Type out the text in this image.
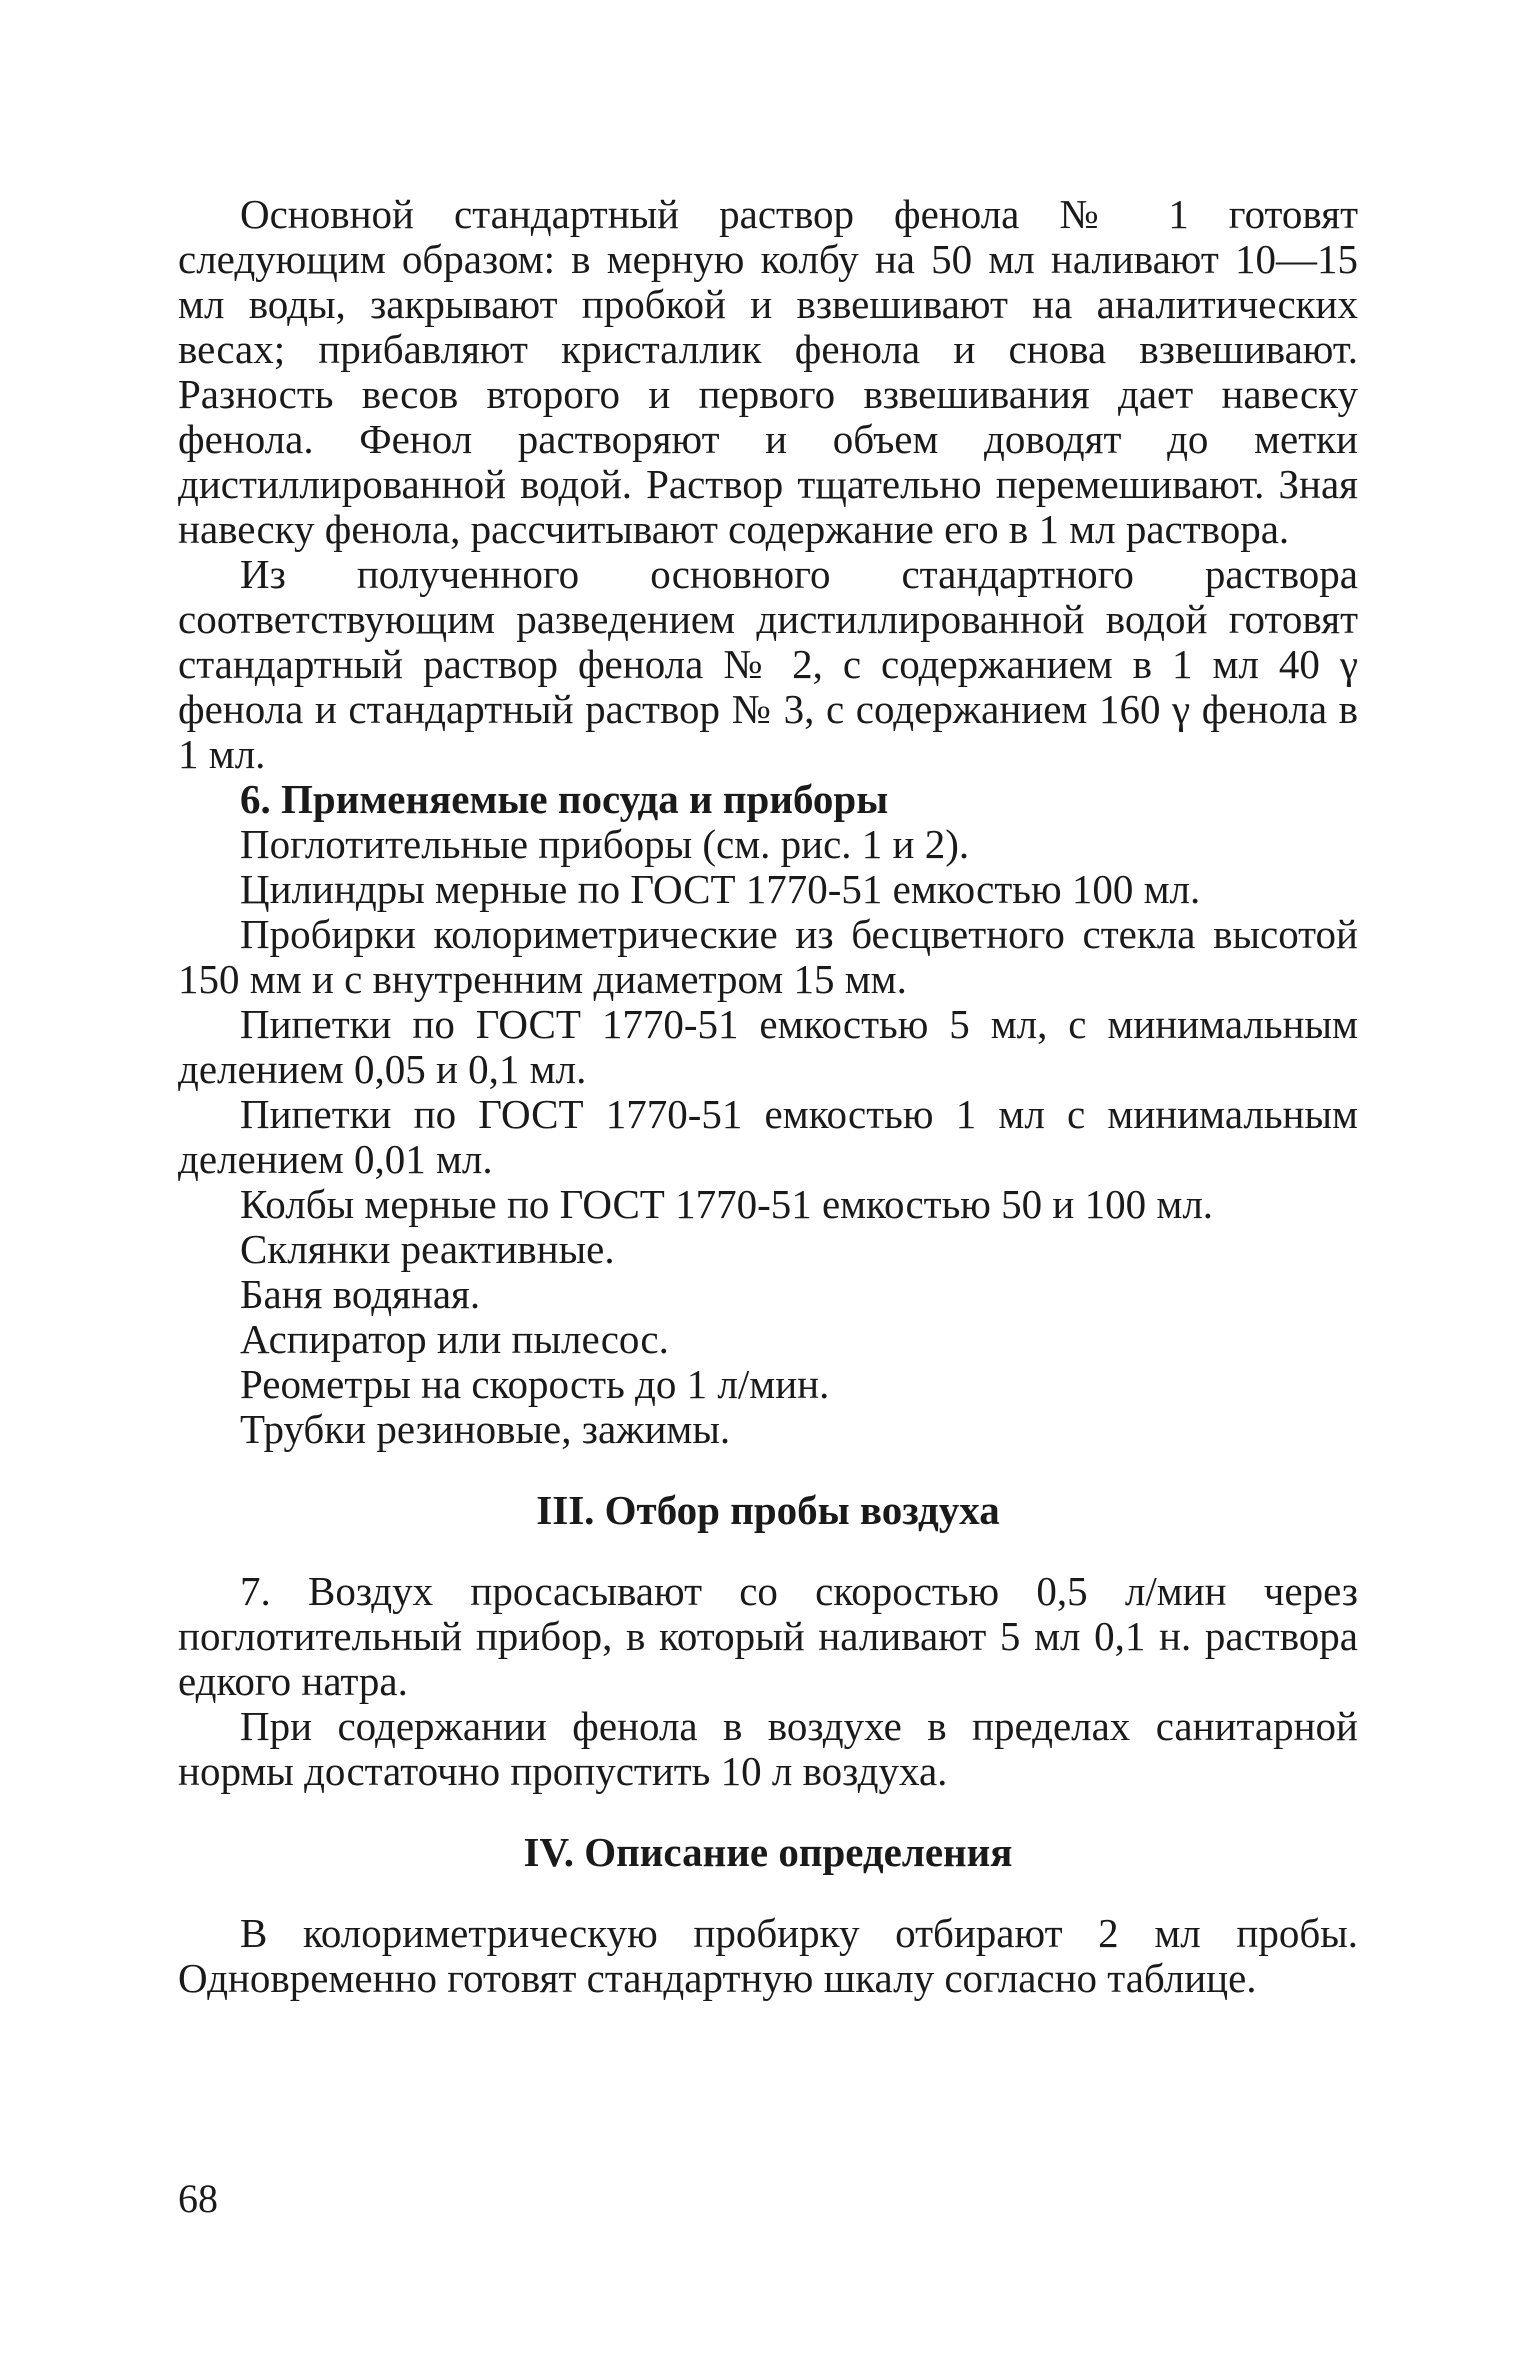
Основной стандартный раствор фенола № 1 готовят следующим образом: в мерную колбу на 50 мл наливают 10—15 мл воды, закрывают пробкой и взвешивают на аналитических весах; прибавляют кристаллик фенола и снова взвешивают. Разность весов второго и первого взвешивания дает навеску фенола. Фенол растворяют и объем доводят до метки дистиллированной водой. Раствор тщательно перемешивают. Зная навеску фенола, рассчитывают содержание его в 1 мл раствора.

Из полученного основного стандартного раствора соответствующим разведением дистиллированной водой готовят стандартный раствор фенола № 2, с содержанием в 1 мл 40 γ фенола и стандартный раствор № 3, с содержанием 160 γ фенола в 1 мл.

6. Применяемые посуда и приборы

Поглотительные приборы (см. рис. 1 и 2).

Цилиндры мерные по ГОСТ 1770-51 емкостью 100 мл.

Пробирки колориметрические из бесцветного стекла высотой 150 мм и с внутренним диаметром 15 мм.

Пипетки по ГОСТ 1770-51 емкостью 5 мл, с минимальным делением 0,05 и 0,1 мл.

Пипетки по ГОСТ 1770-51 емкостью 1 мл с минимальным делением 0,01 мл.

Колбы мерные по ГОСТ 1770-51 емкостью 50 и 100 мл.

Склянки реактивные.

Баня водяная.

Аспиратор или пылесос.

Реометры на скорость до 1 л/мин.

Трубки резиновые, зажимы.

III. Отбор пробы воздуха

7. Воздух просасывают со скоростью 0,5 л/мин через поглотительный прибор, в который наливают 5 мл 0,1 н. раствора едкого натра.

При содержании фенола в воздухе в пределах санитарной нормы достаточно пропустить 10 л воздуха.

IV. Описание определения

В колориметрическую пробирку отбирают 2 мл пробы. Одновременно готовят стандартную шкалу согласно таблице.

68
